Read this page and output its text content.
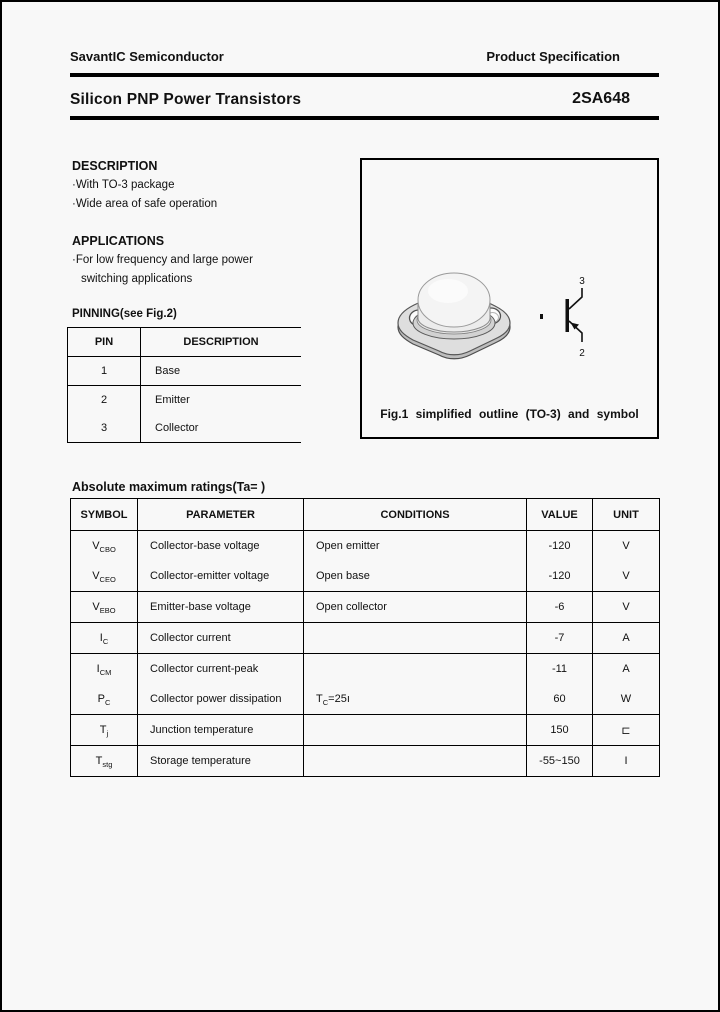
SavantIC Semiconductor	Product Specification
Silicon PNP Power Transistors	2SA648
DESCRIPTION
·With TO-3 package
·Wide area of safe operation
APPLICATIONS
·For low frequency and large power
switching applications
PINNING(see Fig.2)
PIN	DESCRIPTION
1	Base
2	Emitter
3	Collector
3
2
Fig.1 simplified outline (TO-3) and symbol
Absolute maximum ratings(Ta= )
SYMBOL	PARAMETER	CONDITIONS	VALUE	UNIT
$V_{CBO}$	Collector-base voltage	Open emitter	-120	V
$V_{CEO}$	Collector-emitter voltage	Open base	-120	V
$V_{EBO}$	Emitter-base voltage	Open collector	-6	V
$I_C$	Collector current		-7	A
$I_{CM}$	Collector current-peak		-11	A
$P_C$	Collector power dissipation	$T_C=25ı$	60	W
$T_j$	Junction temperature		150	⊏
$T_{stg}$	Storage temperature		-55~150	I
